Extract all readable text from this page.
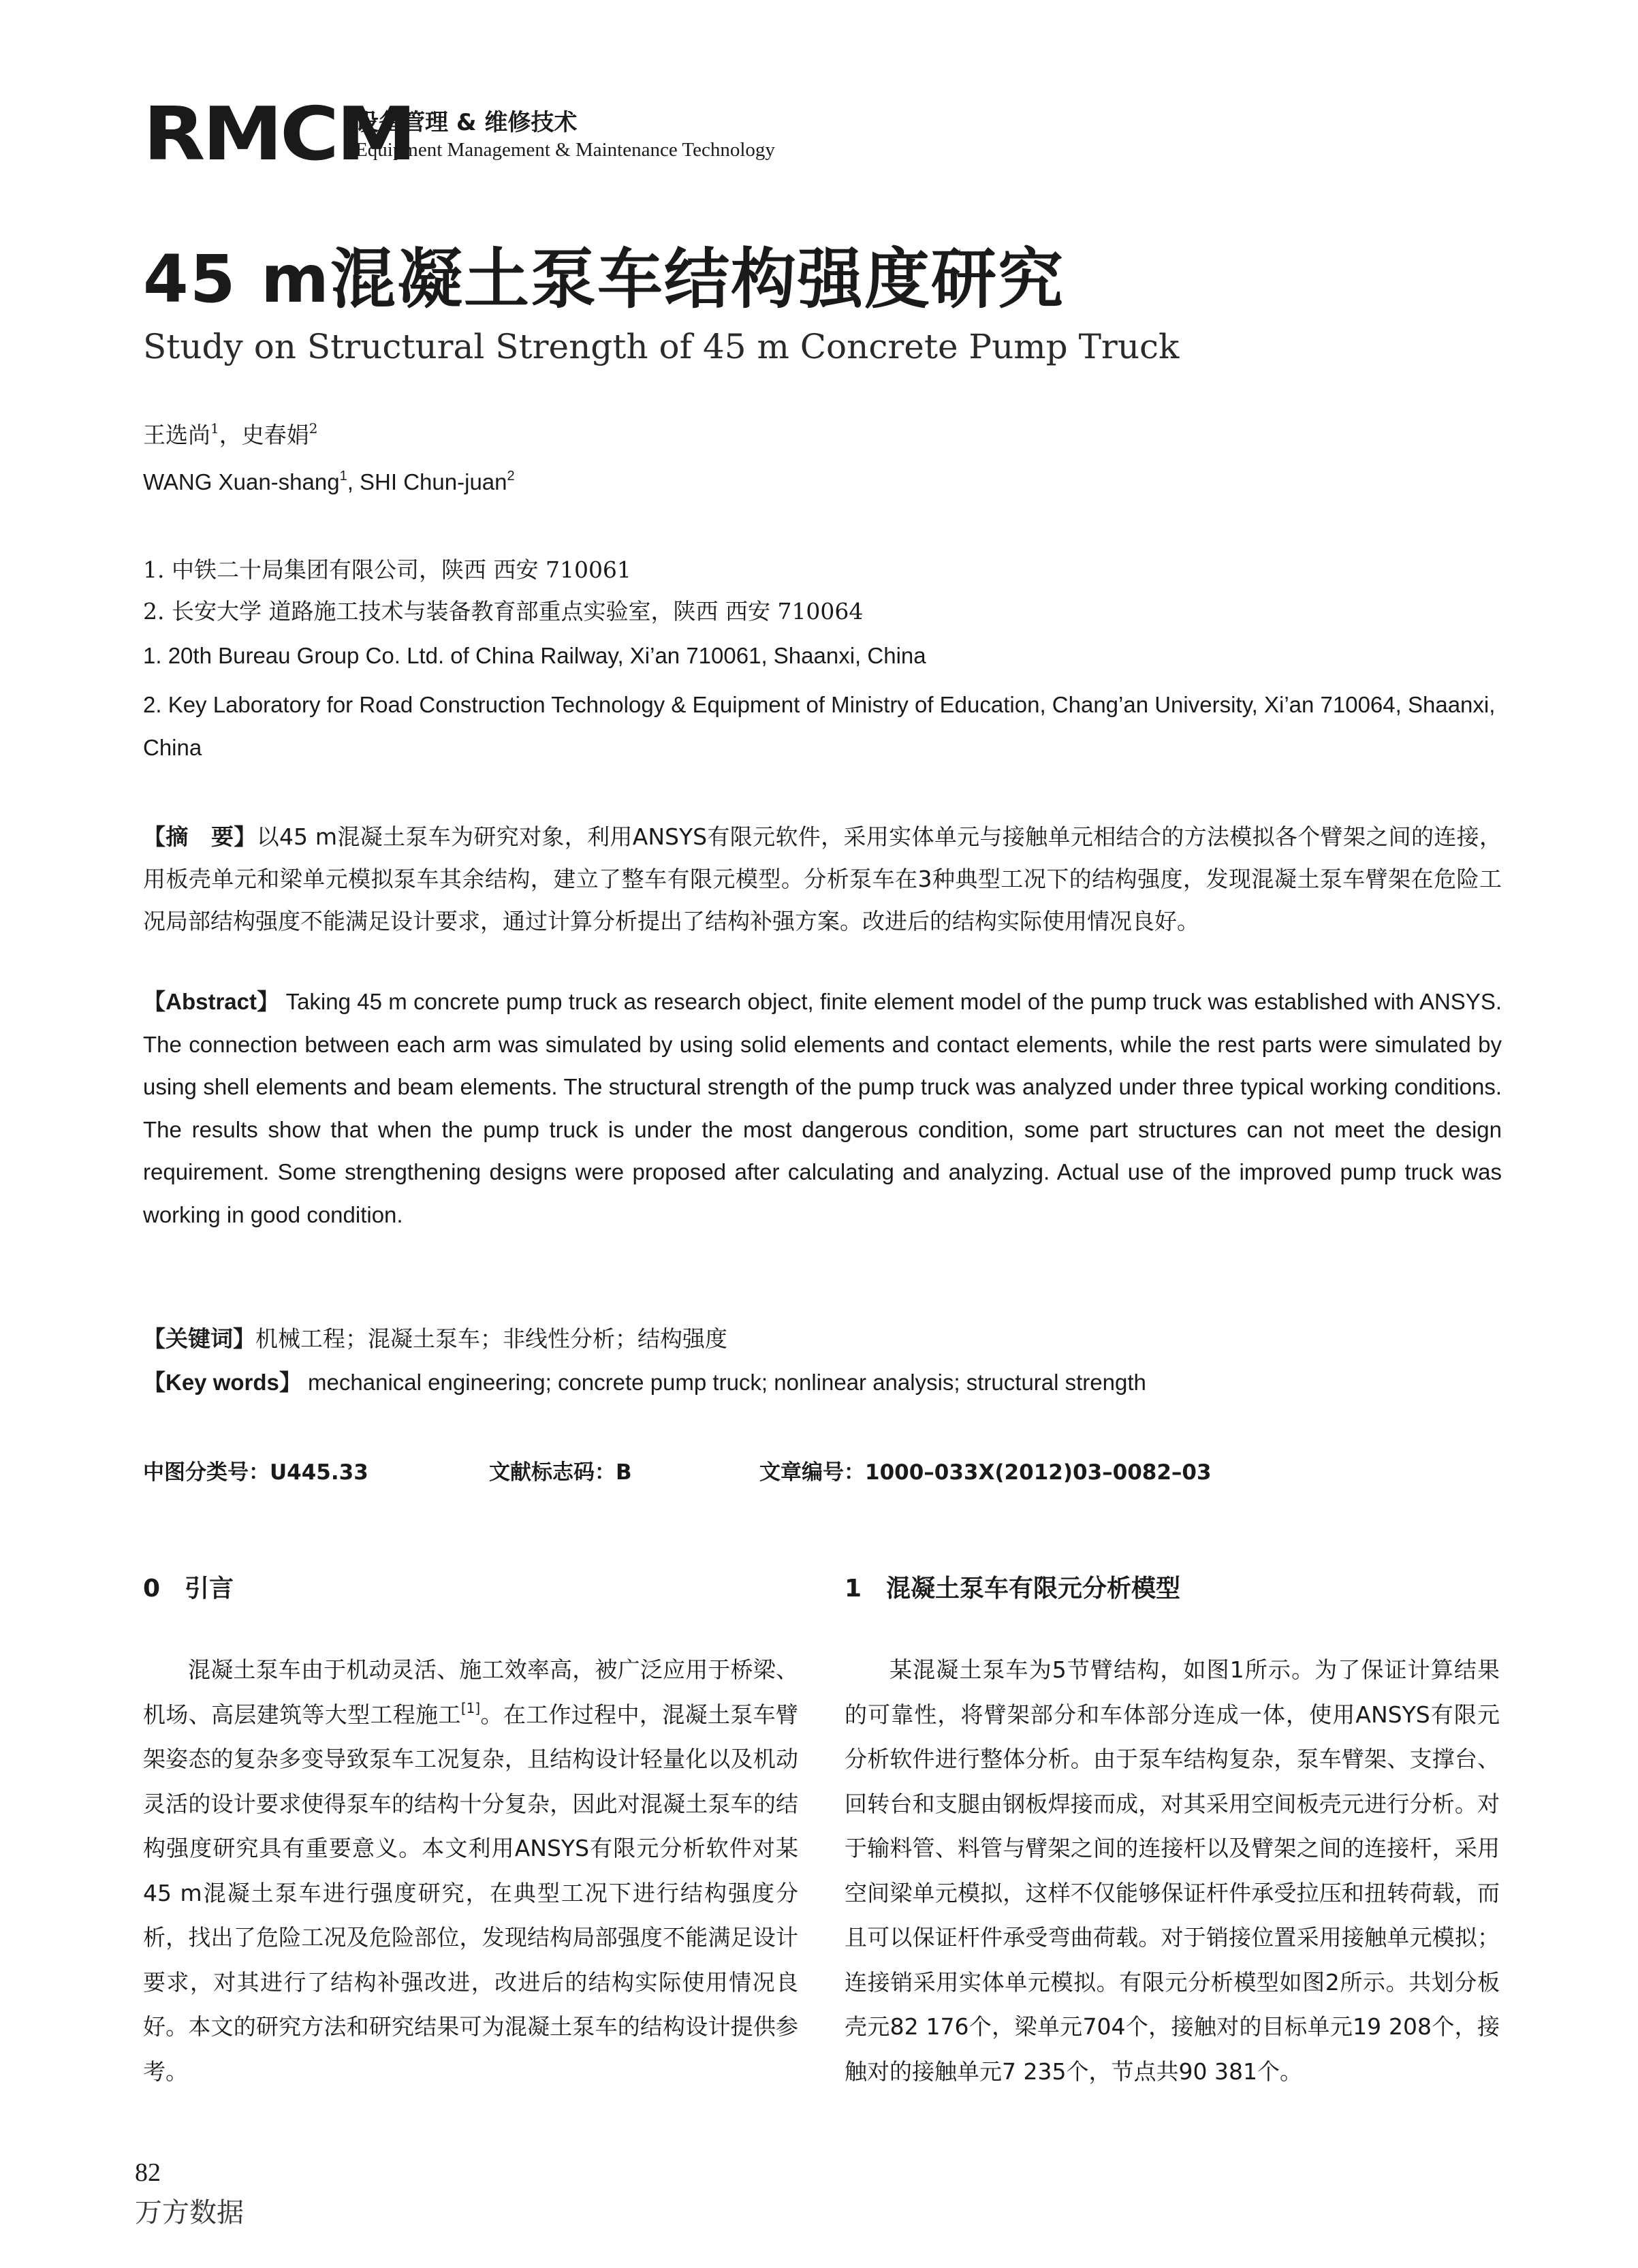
RMCM
设备管理 & 维修技术
Equipment Management & Maintenance Technology
45 m混凝土泵车结构强度研究
Study on Structural Strength of 45 m Concrete Pump Truck
王选尚$^1$，史春娟$^2$
WANG Xuan-shang$^1$, SHI Chun-juan$^2$
1. 中铁二十局集团有限公司，陕西 西安 710061
2. 长安大学 道路施工技术与装备教育部重点实验室，陕西 西安 710064
1. 20th Bureau Group Co. Ltd. of China Railway, Xi’an 710061, Shaanxi, China
2. Key Laboratory for Road Construction Technology & Equipment of Ministry of Education, Chang’an University, Xi’an 710064, Shaanxi, China
【摘　要】以45 m混凝土泵车为研究对象，利用ANSYS有限元软件，采用实体单元与接触单元相结合的方法模拟各个臂架之间的连接，用板壳单元和梁单元模拟泵车其余结构，建立了整车有限元模型。分析泵车在3种典型工况下的结构强度，发现混凝土泵车臂架在危险工况局部结构强度不能满足设计要求，通过计算分析提出了结构补强方案。改进后的结构实际使用情况良好。
【Abstract】 Taking 45 m concrete pump truck as research object, finite element model of the pump truck was established with ANSYS. The connection between each arm was simulated by using solid elements and contact elements, while the rest parts were simulated by using shell elements and beam elements. The structural strength of the pump truck was analyzed under three typical working conditions. The results show that when the pump truck is under the most dangerous condition, some part structures can not meet the design requirement. Some strengthening designs were proposed after calculating and analyzing. Actual use of the improved pump truck was working in good condition.
【关键词】机械工程；混凝土泵车；非线性分析；结构强度
【Key words】 mechanical engineering; concrete pump truck; nonlinear analysis; structural strength
中图分类号：U445.33	文献标志码：B	文章编号：1000–033X(2012)03–0082–03
0　引言	1　混凝土泵车有限元分析模型
混凝土泵车由于机动灵活、施工效率高，被广泛应用于桥梁、机场、高层建筑等大型工程施工[1]。在工作过程中，混凝土泵车臂架姿态的复杂多变导致泵车工况复杂，且结构设计轻量化以及机动灵活的设计要求使得泵车的结构十分复杂，因此对混凝土泵车的结构强度研究具有重要意义。本文利用ANSYS有限元分析软件对某45 m混凝土泵车进行强度研究，在典型工况下进行结构强度分析，找出了危险工况及危险部位，发现结构局部强度不能满足设计要求，对其进行了结构补强改进，改进后的结构实际使用情况良好。本文的研究方法和研究结果可为混凝土泵车的结构设计提供参考。
某混凝土泵车为5节臂结构，如图1所示。为了保证计算结果的可靠性，将臂架部分和车体部分连成一体，使用ANSYS有限元分析软件进行整体分析。由于泵车结构复杂，泵车臂架、支撑台、回转台和支腿由钢板焊接而成，对其采用空间板壳元进行分析。对于输料管、料管与臂架之间的连接杆以及臂架之间的连接杆，采用空间梁单元模拟，这样不仅能够保证杆件承受拉压和扭转荷载，而且可以保证杆件承受弯曲荷载。对于销接位置采用接触单元模拟；连接销采用实体单元模拟。有限元分析模型如图2所示。共划分板壳元82 176个，梁单元704个，接触对的目标单元19 208个，接触对的接触单元7 235个，节点共90 381个。
82
万方数据
